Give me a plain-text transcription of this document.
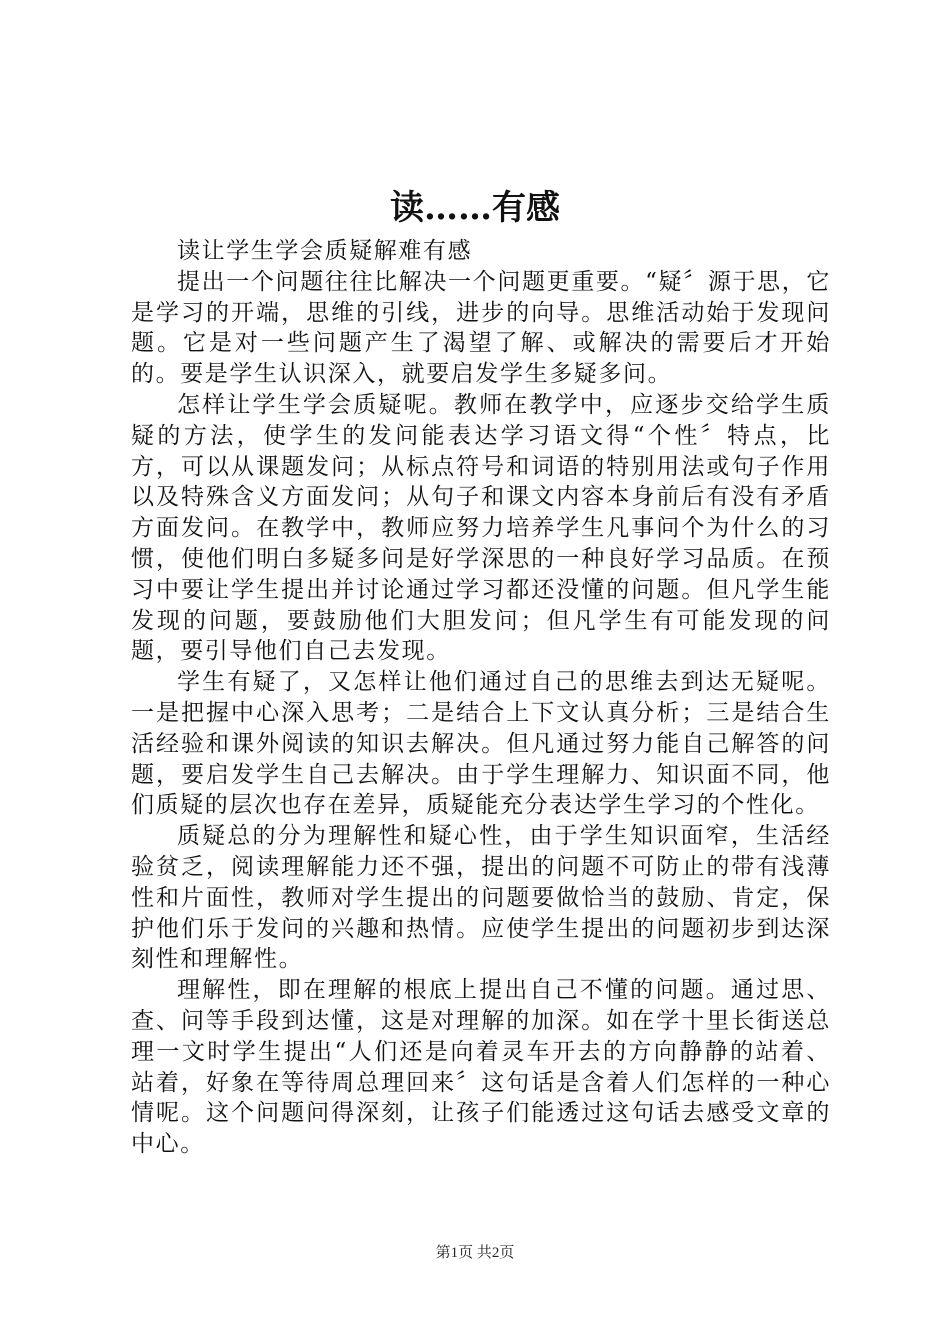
读……有感

读让学生学会质疑解难有感

提出一个问题往往比解决一个问题更重要。“疑〞源于思，它是学习的开端，思维的引线，进步的向导。思维活动始于发现问题。它是对一些问题产生了渴望了解、或解决的需要后才开始的。要是学生认识深入，就要启发学生多疑多问。

怎样让学生学会质疑呢。教师在教学中，应逐步交给学生质疑的方法，使学生的发问能表达学习语文得“个性〞特点，比方，可以从课题发问；从标点符号和词语的特别用法或句子作用以及特殊含义方面发问；从句子和课文内容本身前后有没有矛盾方面发问。在教学中，教师应努力培养学生凡事问个为什么的习惯，使他们明白多疑多问是好学深思的一种良好学习品质。在预习中要让学生提出并讨论通过学习都还没懂的问题。但凡学生能发现的问题，要鼓励他们大胆发问；但凡学生有可能发现的问题，要引导他们自己去发现。

学生有疑了，又怎样让他们通过自己的思维去到达无疑呢。一是把握中心深入思考；二是结合上下文认真分析；三是结合生活经验和课外阅读的知识去解决。但凡通过努力能自己解答的问题，要启发学生自己去解决。由于学生理解力、知识面不同，他们质疑的层次也存在差异，质疑能充分表达学生学习的个性化。

质疑总的分为理解性和疑心性，由于学生知识面窄，生活经验贫乏，阅读理解能力还不强，提出的问题不可防止的带有浅薄性和片面性，教师对学生提出的问题要做恰当的鼓励、肯定，保护他们乐于发问的兴趣和热情。应使学生提出的问题初步到达深刻性和理解性。

理解性，即在理解的根底上提出自己不懂的问题。通过思、查、问等手段到达懂，这是对理解的加深。如在学十里长街送总理一文时学生提出“人们还是向着灵车开去的方向静静的站着、站着，好象在等待周总理回来〞这句话是含着人们怎样的一种心情呢。这个问题问得深刻，让孩子们能透过这句话去感受文章的中心。

第1页 共2页
